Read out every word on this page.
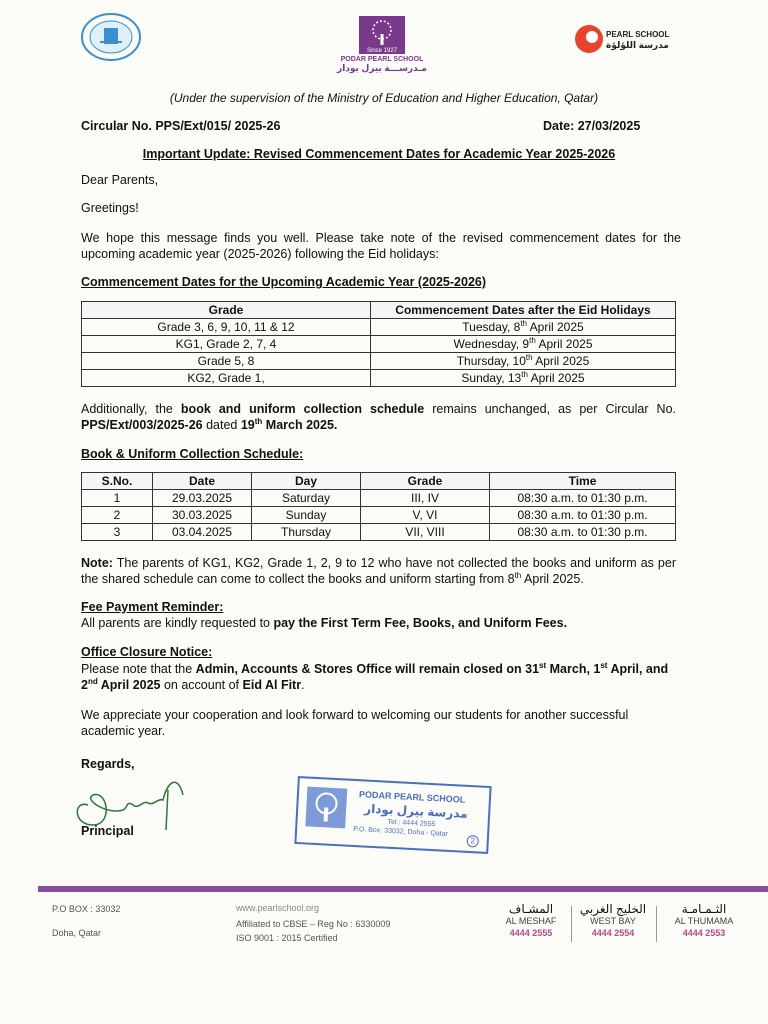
Since 1927
PODAR PEARL SCHOOL
مـدرســـة بيرل بودار
PEARL SCHOOL
مدرسة اللؤلؤة
(Under the supervision of the Ministry of Education and Higher Education, Qatar)
Circular No. PPS/Ext/015/ 2025-26	Date: 27/03/2025
Important Update: Revised Commencement Dates for Academic Year 2025-2026
Dear Parents,
Greetings!
We hope this message finds you well. Please take note of the revised commencement dates for the upcoming academic year (2025-2026) following the Eid holidays:
Commencement Dates for the Upcoming Academic Year (2025-2026)
Grade	Commencement Dates after the Eid Holidays
Grade 3, 6, 9, 10, 11 & 12	Tuesday, 8th April 2025
KG1, Grade 2, 7, 4	Wednesday, 9th April 2025
Grade 5, 8	Thursday, 10th April 2025
KG2, Grade 1,	Sunday, 13th April 2025
Additionally, the book and uniform collection schedule remains unchanged, as per Circular No. PPS/Ext/003/2025-26 dated 19th March 2025.
Book & Uniform Collection Schedule:
S.No.	Date	Day	Grade	Time
1	29.03.2025	Saturday	III, IV	08:30 a.m. to 01:30 p.m.
2	30.03.2025	Sunday	V, VI	08:30 a.m. to 01:30 p.m.
3	03.04.2025	Thursday	VII, VIII	08:30 a.m. to 01:30 p.m.
Note: The parents of KG1, KG2, Grade 1, 2, 9 to 12 who have not collected the books and uniform as per the shared schedule can come to collect the books and uniform starting from 8th April 2025.
Fee Payment Reminder:
All parents are kindly requested to pay the First Term Fee, Books, and Uniform Fees.
Office Closure Notice:
Please note that the Admin, Accounts & Stores Office will remain closed on 31st March, 1st April, and 2nd April 2025 on account of Eid Al Fitr.
We appreciate your cooperation and look forward to welcoming our students for another successful academic year.
Regards,
Principal
PODAR PEARL SCHOOL
مدرسة بيرل بودار
Tel.: 4444 2555
P.O. Box: 33032, Doha - Qatar
2
P.O BOX : 33032
Doha, Qatar
www.pearlschool.org
Affiliated to CBSE – Reg No : 6330009
ISO 9001 : 2015 Certified
المشـاف
AL MESHAF
4444 2555
الخليج الغربي
WEST BAY
4444 2554
الثـمـامـة
AL THUMAMA
4444 2553
